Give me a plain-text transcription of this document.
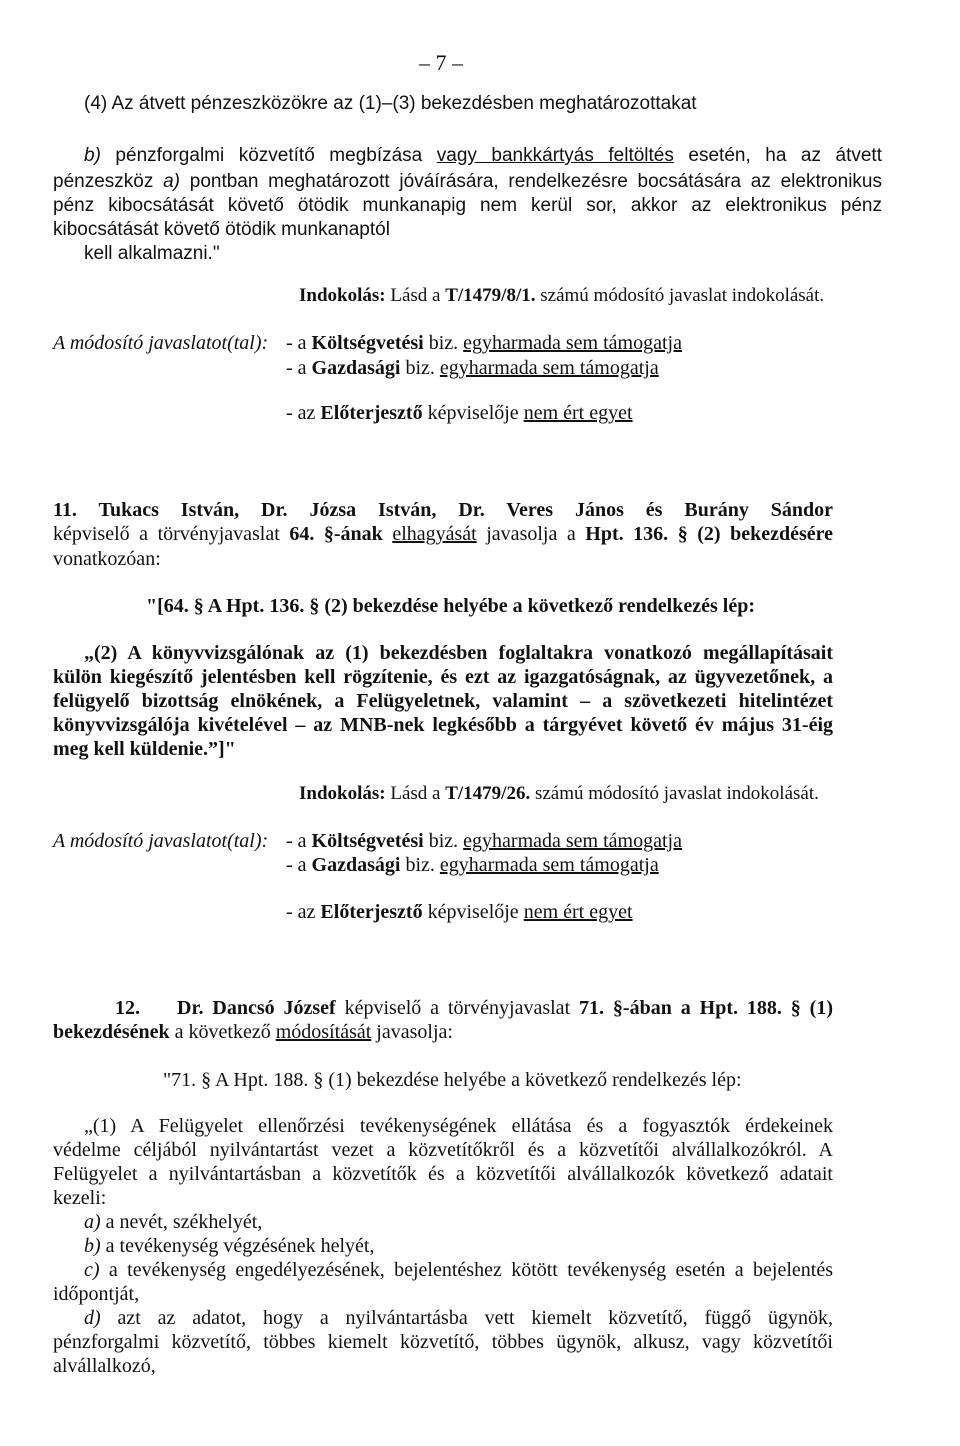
– 7 –
(4) Az átvett pénzeszközökre az (1)–(3) bekezdésben meghatározottakat
b) pénzforgalmi közvetítő megbízása vagy bankkártyás feltöltés esetén, ha az átvett
pénzeszköz a) pontban meghatározott jóváírására, rendelkezésre bocsátására az elektronikus
pénz kibocsátását követő ötödik munkanapig nem kerül sor, akkor az elektronikus pénz
kibocsátását követő ötödik munkanaptól
kell alkalmazni."
Indokolás: Lásd a T/1479/8/1. számú módosító javaslat indokolását.
A módosító javaslatot(tal): - a Költségvetési biz. egyharmada sem támogatja
- a Gazdasági biz. egyharmada sem támogatja
- az Előterjesztő képviselője nem ért egyet
11. Tukacs István, Dr. Józsa István, Dr. Veres János és Burány Sándor
képviselő a törvényjavaslat 64. §-ának elhagyását javasolja a Hpt. 136. § (2) bekezdésére
vonatkozóan:
"[64. § A Hpt. 136. § (2) bekezdése helyébe a következő rendelkezés lép:
„(2) A könyvvizsgálónak az (1) bekezdésben foglaltakra vonatkozó megállapításait
külön kiegészítő jelentésben kell rögzítenie, és ezt az igazgatóságnak, az ügyvezetőnek, a
felügyelő bizottság elnökének, a Felügyeletnek, valamint – a szövetkezeti hitelintézet
könyvvizsgálója kivételével – az MNB-nek legkésőbb a tárgyévet követő év május 31-éig
meg kell küldenie.”]"
Indokolás: Lásd a T/1479/26. számú módosító javaslat indokolását.
A módosító javaslatot(tal): - a Költségvetési biz. egyharmada sem támogatja
- a Gazdasági biz. egyharmada sem támogatja
- az Előterjesztő képviselője nem ért egyet
12. Dr. Dancsó József képviselő a törvényjavaslat 71. §-ában a Hpt. 188. § (1)
bekezdésének a következő módosítását javasolja:
"71. § A Hpt. 188. § (1) bekezdése helyébe a következő rendelkezés lép:
„(1) A Felügyelet ellenőrzési tevékenységének ellátása és a fogyasztók érdekeinek
védelme céljából nyilvántartást vezet a közvetítőkről és a közvetítői alvállalkozókról. A
Felügyelet a nyilvántartásban a közvetítők és a közvetítői alvállalkozók következő adatait
kezeli:
a) a nevét, székhelyét,
b) a tevékenység végzésének helyét,
c) a tevékenység engedélyezésének, bejelentéshez kötött tevékenység esetén a bejelentés
időpontját,
d) azt az adatot, hogy a nyilvántartásba vett kiemelt közvetítő, függő ügynök,
pénzforgalmi közvetítő, többes kiemelt közvetítő, többes ügynök, alkusz, vagy közvetítői
alvállalkozó,
